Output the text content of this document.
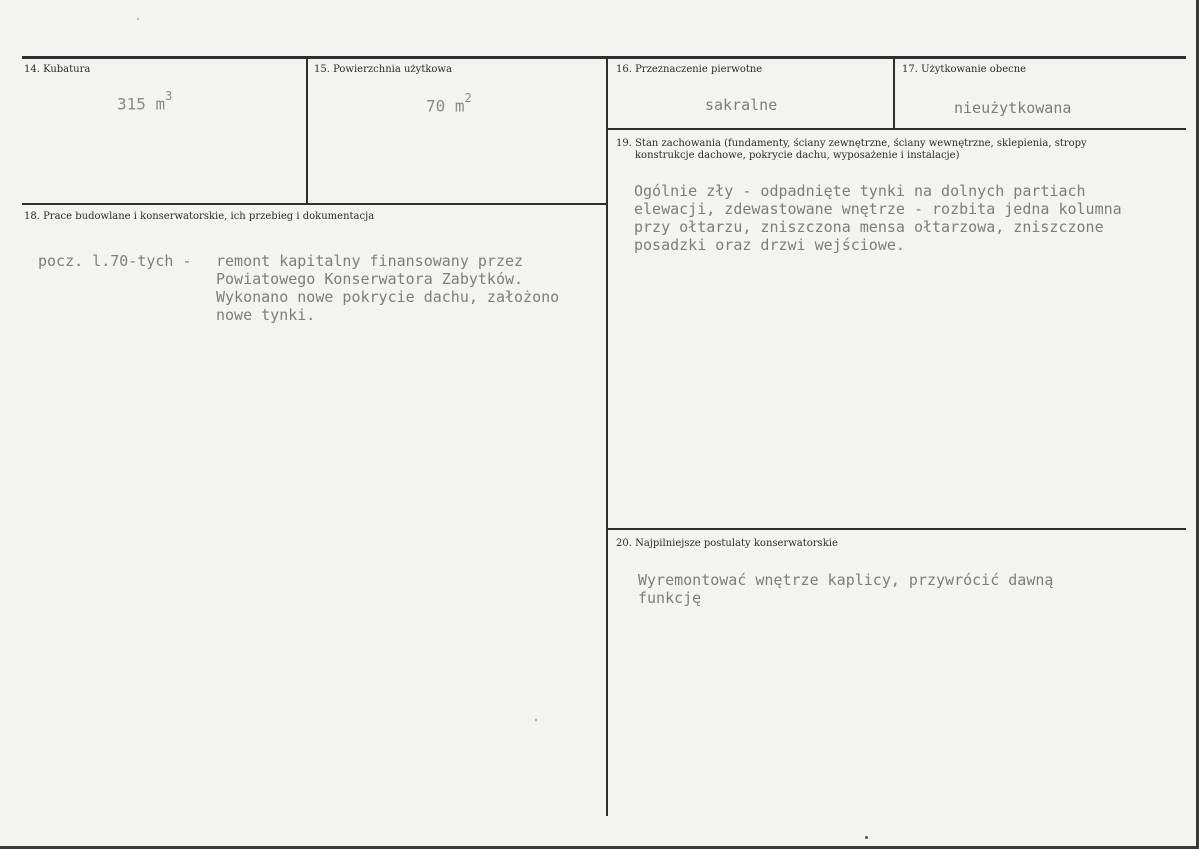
14. Kubatura
315 $m^3$
15. Powierzchnia użytkowa
70 $m^2$
16. Przeznaczenie pierwotne
sakralne
17. Użytkowanie obecne
nieużytkowana
18. Prace budowlane i konserwatorskie, ich przebieg i dokumentacja
pocz. l.70-tych - remont kapitalny finansowany przez
Powiatowego Konserwatora Zabytków.
Wykonano nowe pokrycie dachu, założono
nowe tynki.
19. Stan zachowania (fundamenty, ściany zewnętrzne, ściany wewnętrzne, sklepienia, stropy
konstrukcje dachowe, pokrycie dachu, wyposażenie i instalacje)
Ogólnie zły - odpadnięte tynki na dolnych partiach
elewacji, zdewastowane wnętrze - rozbita jedna kolumna
przy ołtarzu, zniszczona mensa ołtarzowa, zniszczone
posadzki oraz drzwi wejściowe.
20. Najpilniejsze postulaty konserwatorskie
Wyremontować wnętrze kaplicy, przywrócić dawną
funkcję
